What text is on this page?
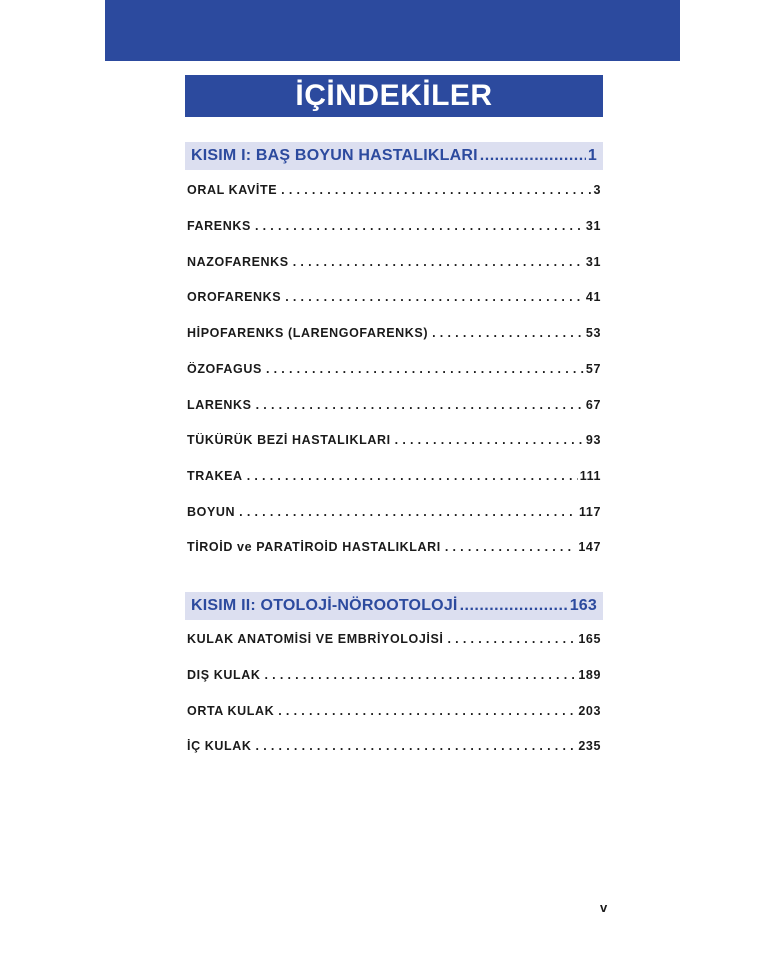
İÇİNDEKİLER
KISIM I: BAŞ BOYUN HASTALIKLARI .....	1
ORAL KAVİTE .....	3
FARENKS .....	31
NAZOFARENKS .....	31
OROFARENKS .....	41
HİPOFARENKS (LARENGOFARENKS) .....	53
ÖZOFAGUS .....	57
LARENKS .....	67
TÜKÜRÜK BEZİ HASTALIKLARI .....	93
TRAKEA .....	111
BOYUN .....	117
TİROİD ve PARATİROİD HASTALIKLARI .....	147
KISIM II: OTOLOJİ-NÖROOTOLOJİ .....	163
KULAK ANATOMİSİ VE EMBRİYOLOJİSİ .....	165
DIŞ KULAK .....	189
ORTA KULAK .....	203
İÇ KULAK .....	235
v
